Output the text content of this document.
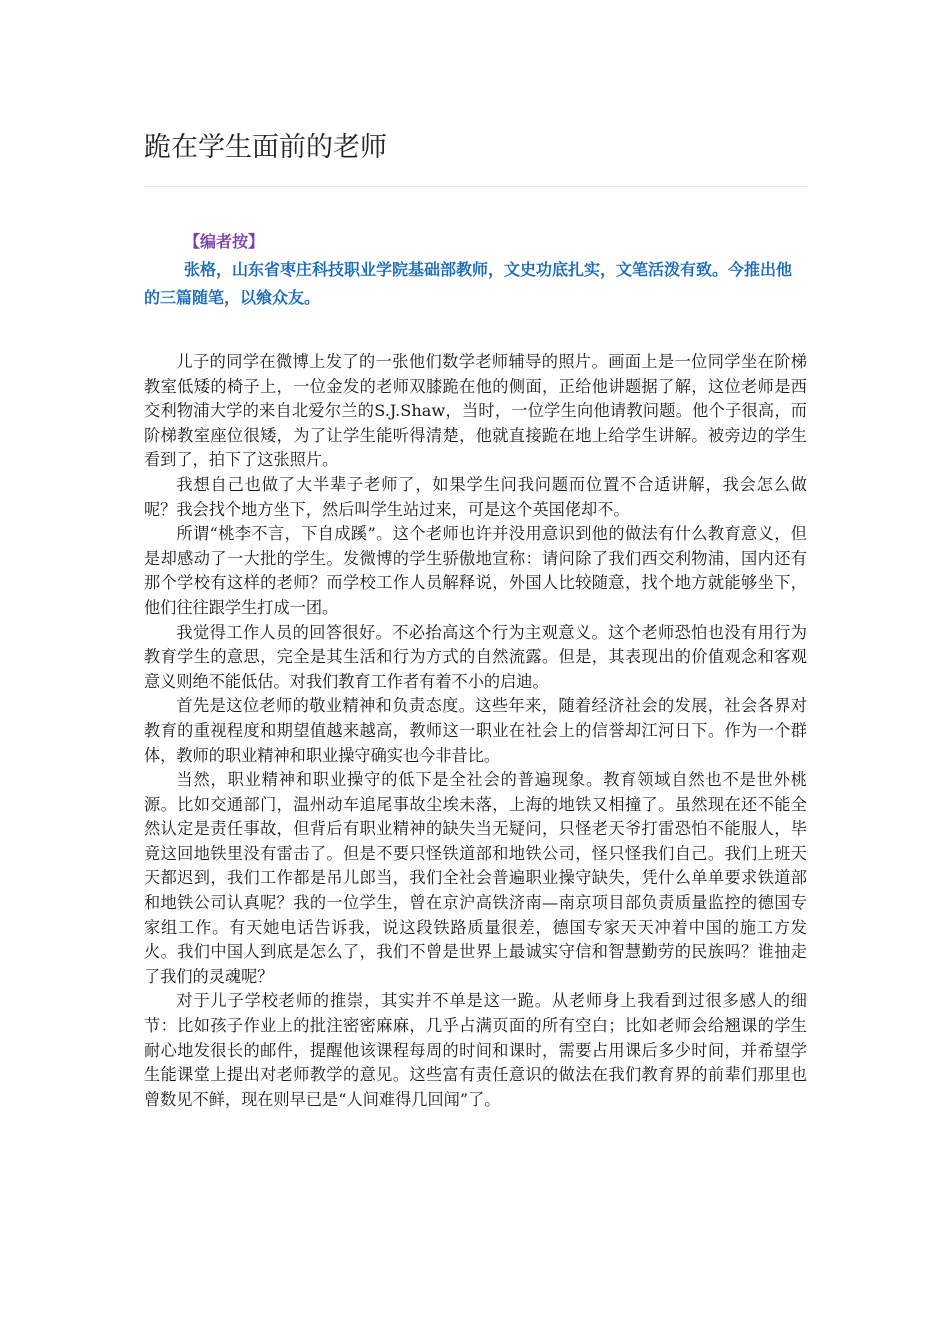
跪在学生面前的老师
【编者按】
张格，山东省枣庄科技职业学院基础部教师，文史功底扎实，文笔活泼有致。今推出他的三篇随笔，以飨众友。

儿子的同学在微博上发了的一张他们数学老师辅导的照片。画面上是一位同学坐在阶梯教室低矮的椅子上，一位金发的老师双膝跪在他的侧面，正给他讲题据了解，这位老师是西交利物浦大学的来自北爱尔兰的S.J.Shaw，当时，一位学生向他请教问题。他个子很高，而阶梯教室座位很矮，为了让学生能听得清楚，他就直接跪在地上给学生讲解。被旁边的学生看到了，拍下了这张照片。

我想自己也做了大半辈子老师了，如果学生问我问题而位置不合适讲解，我会怎么做呢？我会找个地方坐下，然后叫学生站过来，可是这个英国佬却不。

所谓“桃李不言，下自成蹊”。这个老师也许并没用意识到他的做法有什么教育意义，但是却感动了一大批的学生。发微博的学生骄傲地宣称：请问除了我们西交利物浦，国内还有那个学校有这样的老师？而学校工作人员解释说，外国人比较随意，找个地方就能够坐下，他们往往跟学生打成一团。

我觉得工作人员的回答很好。不必抬高这个行为主观意义。这个老师恐怕也没有用行为教育学生的意思，完全是其生活和行为方式的自然流露。但是，其表现出的价值观念和客观意义则绝不能低估。对我们教育工作者有着不小的启迪。

首先是这位老师的敬业精神和负责态度。这些年来，随着经济社会的发展，社会各界对教育的重视程度和期望值越来越高，教师这一职业在社会上的信誉却江河日下。作为一个群体，教师的职业精神和职业操守确实也今非昔比。

当然，职业精神和职业操守的低下是全社会的普遍现象。教育领域自然也不是世外桃源。比如交通部门，温州动车追尾事故尘埃未落，上海的地铁又相撞了。虽然现在还不能全然认定是责任事故，但背后有职业精神的缺失当无疑问，只怪老天爷打雷恐怕不能服人，毕竟这回地铁里没有雷击了。但是不要只怪铁道部和地铁公司，怪只怪我们自己。我们上班天天都迟到，我们工作都是吊儿郎当，我们全社会普遍职业操守缺失，凭什么单单要求铁道部和地铁公司认真呢？我的一位学生，曾在京沪高铁济南—南京项目部负责质量监控的德国专家组工作。有天她电话告诉我，说这段铁路质量很差，德国专家天天冲着中国的施工方发火。我们中国人到底是怎么了，我们不曾是世界上最诚实守信和智慧勤劳的民族吗？谁抽走了我们的灵魂呢？

对于儿子学校老师的推崇，其实并不单是这一跪。从老师身上我看到过很多感人的细节：比如孩子作业上的批注密密麻麻，几乎占满页面的所有空白；比如老师会给翘课的学生耐心地发很长的邮件，提醒他该课程每周的时间和课时，需要占用课后多少时间，并希望学生能课堂上提出对老师教学的意见。这些富有责任意识的做法在我们教育界的前辈们那里也曾数见不鲜，现在则早已是“人间难得几回闻”了。
